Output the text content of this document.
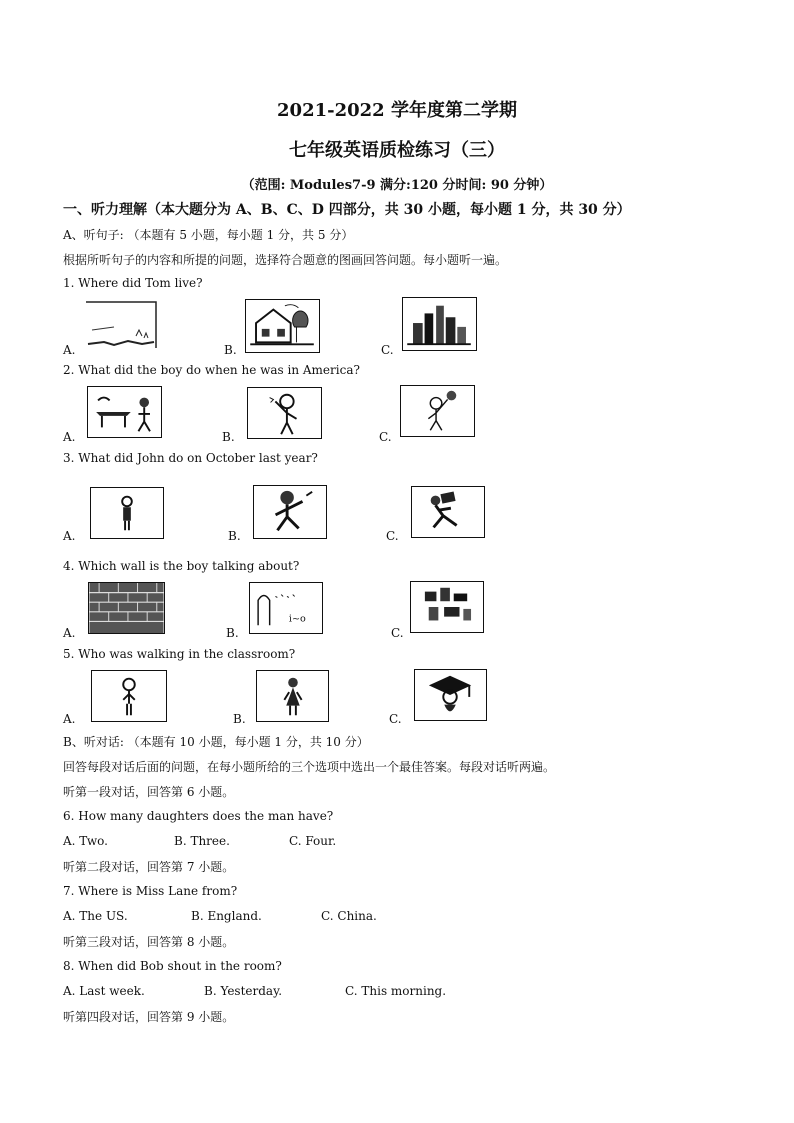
2021-2022 学年度第二学期
七年级英语质检练习（三）
（范围: Modules7-9 满分:120 分时间: 90 分钟）
一、听力理解（本大题分为 A、B、C、D 四部分，共 30 小题，每小题 1 分，共 30 分）
A、听句子: （本题有 5 小题，每小题 1 分，共 5 分）
根据所听句子的内容和所提的问题，选择符合题意的图画回答问题。每小题听一遍。
1. Where did Tom live?
A.	B.	C.
2. What did the boy do when he was in America?
A.	B.	C.
3. What did John do on October last year?
A.	B.	C.
4. Which wall is the boy talking about?
A.	B.	C.
i~o
5. Who was walking in the classroom?
A.	B.	C.
B、听对话: （本题有 10 小题，每小题 1 分，共 10 分）
回答每段对话后面的问题，在每小题所给的三个选项中选出一个最佳答案。每段对话听两遍。
听第一段对话，回答第 6 小题。
6. How many daughters does the man have?
A. Two.	B. Three.	C. Four.
听第二段对话，回答第 7 小题。
7. Where is Miss Lane from?
A. The US.	B. England.	C. China.
听第三段对话，回答第 8 小题。
8. When did Bob shout in the room?
A. Last week.	B. Yesterday.	C. This morning.
听第四段对话，回答第 9 小题。
